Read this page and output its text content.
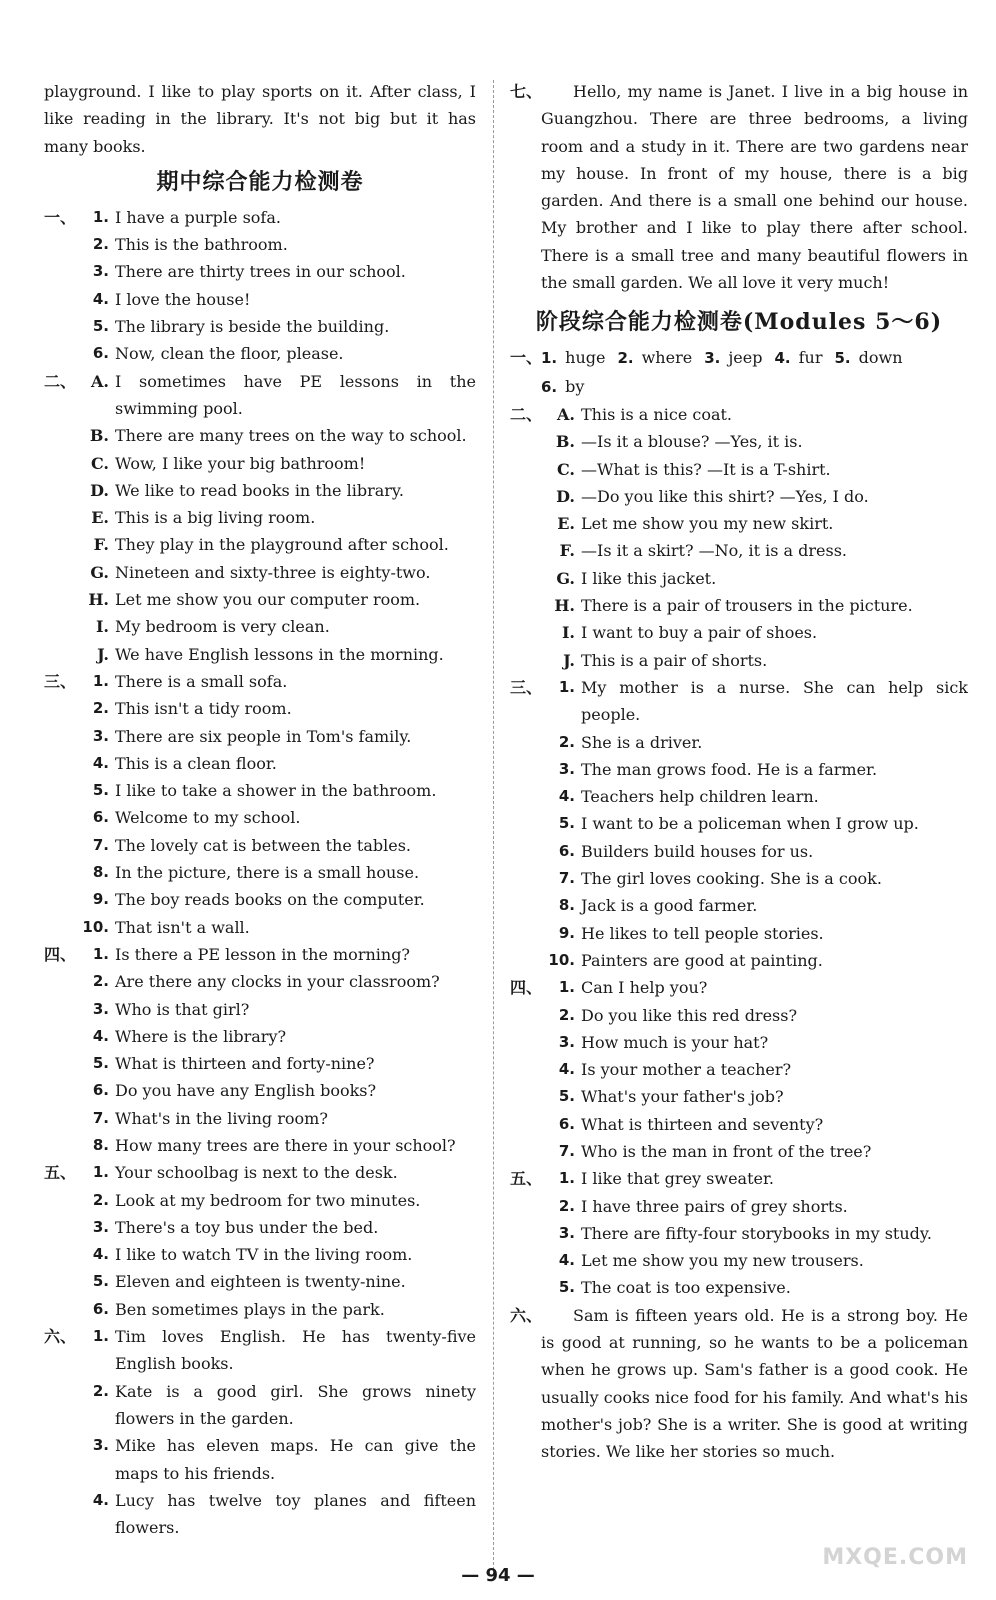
playground. I like to play sports on it. After class, I like reading in the library. It's not big but it has many books.
期中综合能力检测卷
一、	1. I have a purple sofa.
2. This is the bathroom.
3. There are thirty trees in our school.
4. I love the house!
5. The library is beside the building.
6. Now, clean the floor, please.
二、 A. I sometimes have PE lessons in the swimming pool.
B. There are many trees on the way to school.
C. Wow, I like your big bathroom!
D. We like to read books in the library.
E. This is a big living room.
F. They play in the playground after school.
G. Nineteen and sixty-three is eighty-two.
H. Let me show you our computer room.
I. My bedroom is very clean.
J. We have English lessons in the morning.
三、	1. There is a small sofa.
2. This isn't a tidy room.
3. There are six people in Tom's family.
4. This is a clean floor.
5. I like to take a shower in the bathroom.
6. Welcome to my school.
7. The lovely cat is between the tables.
8. In the picture, there is a small house.
9. The boy reads books on the computer.
10. That isn't a wall.
四、	1. Is there a PE lesson in the morning?
2. Are there any clocks in your classroom?
3. Who is that girl?
4. Where is the library?
5. What is thirteen and forty-nine?
6. Do you have any English books?
7. What's in the living room?
8. How many trees are there in your school?
五、	1. Your schoolbag is next to the desk.
2. Look at my bedroom for two minutes.
3. There's a toy bus under the bed.
4. I like to watch TV in the living room.
5. Eleven and eighteen is twenty-nine.
6. Ben sometimes plays in the park.
六、	1. Tim loves English. He has twenty-five English books.
2. Kate is a good girl. She grows ninety flowers in the garden.
3. Mike has eleven maps. He can give the maps to his friends.
4. Lucy has twelve toy planes and fifteen flowers.
七、	Hello, my name is Janet. I live in a big house in Guangzhou. There are three bedrooms, a living room and a study in it. There are two gardens near my house. In front of my house, there is a big garden. And there is a small one behind our house. My brother and I like to play there after school. There is a small tree and many beautiful flowers in the small garden. We all love it very much!
阶段综合能力检测卷(Modules 5～6)
一、
1. huge 2. where 3. jeep 4. fur 5. down
6. by
二、 A. This is a nice coat.
B. —Is it a blouse? —Yes, it is.
C. —What is this? —It is a T-shirt.
D. —Do you like this shirt? —Yes, I do.
E. Let me show you my new skirt.
F. —Is it a skirt? —No, it is a dress.
G. I like this jacket.
H. There is a pair of trousers in the picture.
I. I want to buy a pair of shoes.
J. This is a pair of shorts.
三、	1. My mother is a nurse. She can help sick people.
2. She is a driver.
3. The man grows food. He is a farmer.
4. Teachers help children learn.
5. I want to be a policeman when I grow up.
6. Builders build houses for us.
7. The girl loves cooking. She is a cook.
8. Jack is a good farmer.
9. He likes to tell people stories.
10. Painters are good at painting.
四、	1. Can I help you?
2. Do you like this red dress?
3. How much is your hat?
4. Is your mother a teacher?
5. What's your father's job?
6. What is thirteen and seventy?
7. Who is the man in front of the tree?
五、	1. I like that grey sweater.
2. I have three pairs of grey shorts.
3. There are fifty-four storybooks in my study.
4. Let me show you my new trousers.
5. The coat is too expensive.
六、	Sam is fifteen years old. He is a strong boy. He is good at running, so he wants to be a policeman when he grows up. Sam's father is a good cook. He usually cooks nice food for his family. And what's his mother's job? She is a writer. She is good at writing stories. We like her stories so much.
— 94 —
MXQE.COM
